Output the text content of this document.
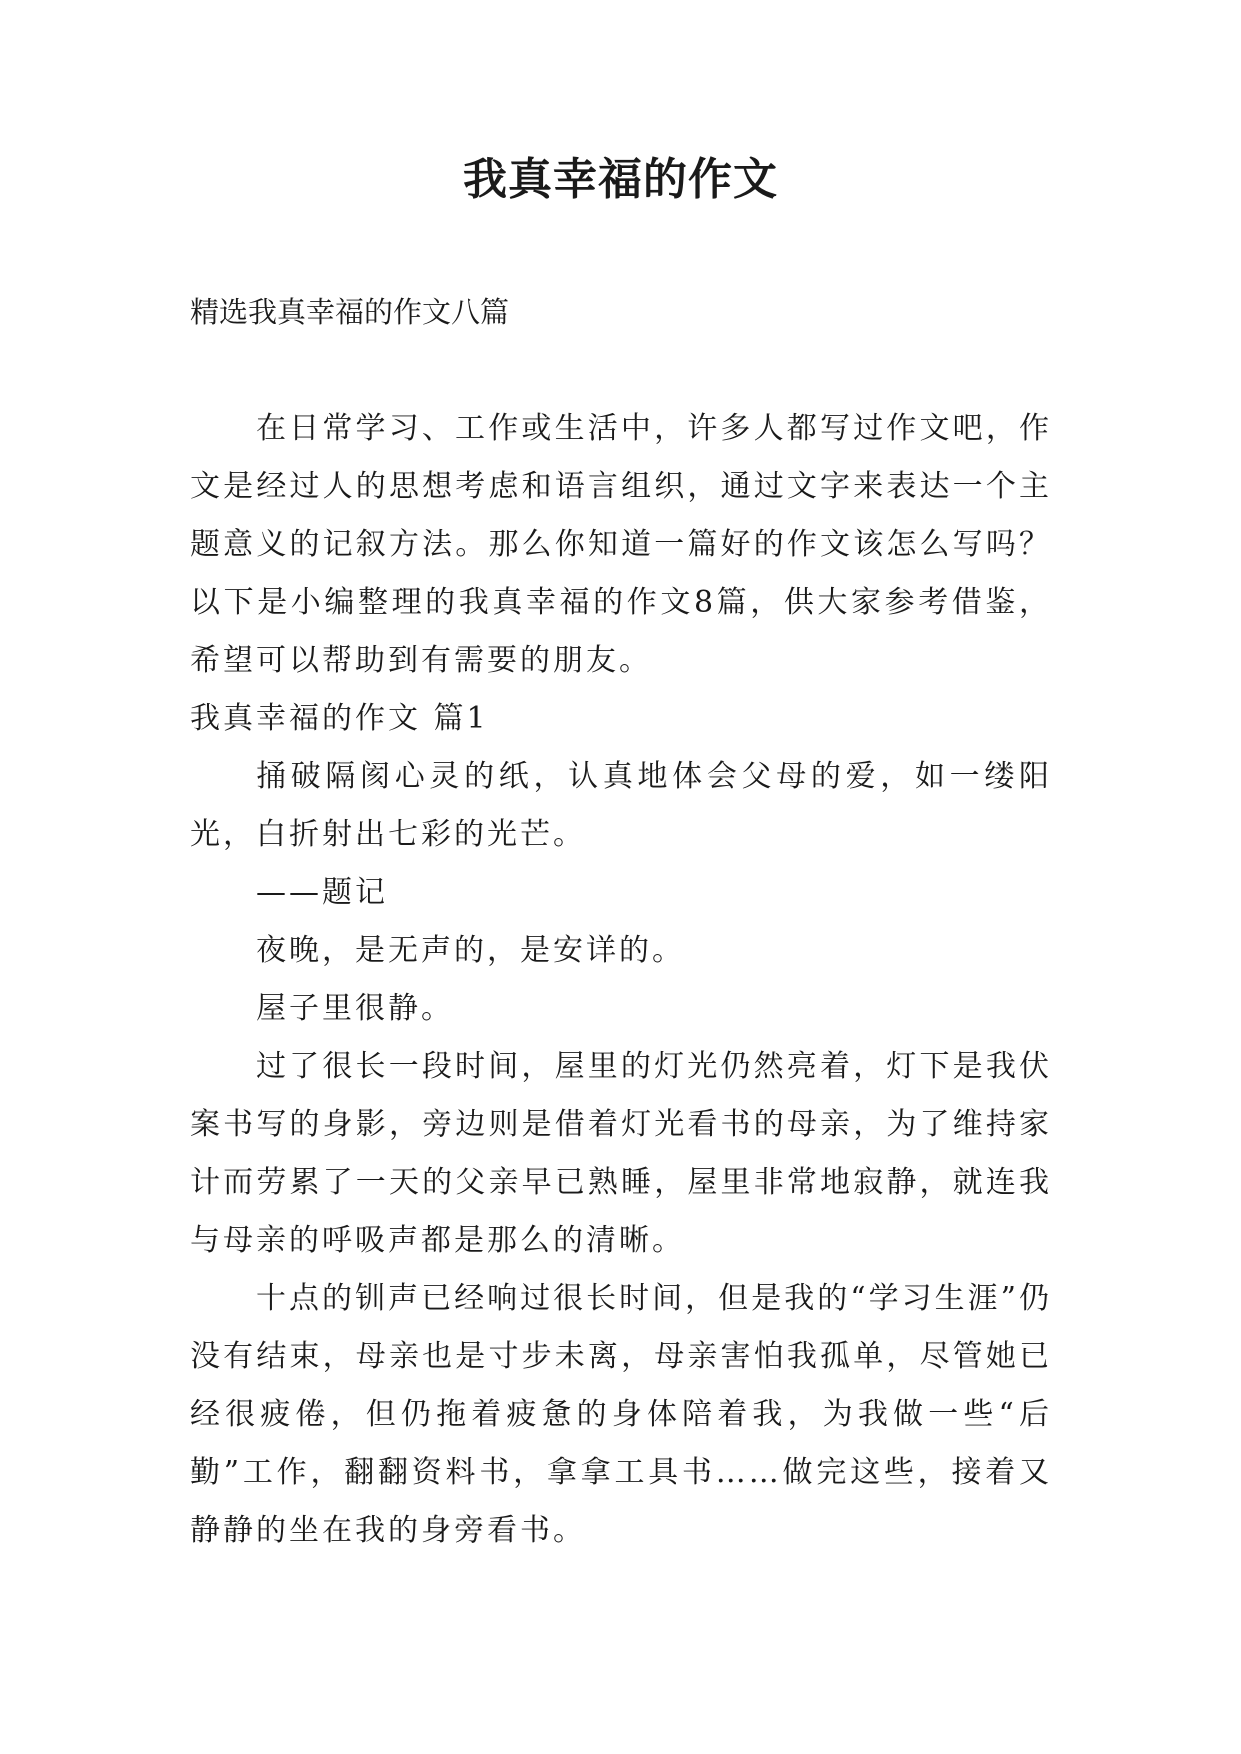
我真幸福的作文
精选我真幸福的作文八篇

在日常学习、工作或生活中，许多人都写过作文吧，作文是经过人的思想考虑和语言组织，通过文字来表达一个主题意义的记叙方法。那么你知道一篇好的作文该怎么写吗？以下是小编整理的我真幸福的作文8篇，供大家参考借鉴，希望可以帮助到有需要的朋友。

我真幸福的作文 篇1

捅破隔阂心灵的纸，认真地体会父母的爱，如一缕阳光，白折射出七彩的光芒。

——题记

夜晚，是无声的，是安详的。

屋子里很静。

过了很长一段时间，屋里的灯光仍然亮着，灯下是我伏案书写的身影，旁边则是借着灯光看书的母亲，为了维持家计而劳累了一天的父亲早已熟睡，屋里非常地寂静，就连我与母亲的呼吸声都是那么的清晰。

十点的钏声已经响过很长时间，但是我的“学习生涯”仍没有结束，母亲也是寸步未离，母亲害怕我孤单，尽管她已经很疲倦，但仍拖着疲惫的身体陪着我，为我做一些“后勤”工作，翻翻资料书，拿拿工具书……做完这些，接着又静静的坐在我的身旁看书。
